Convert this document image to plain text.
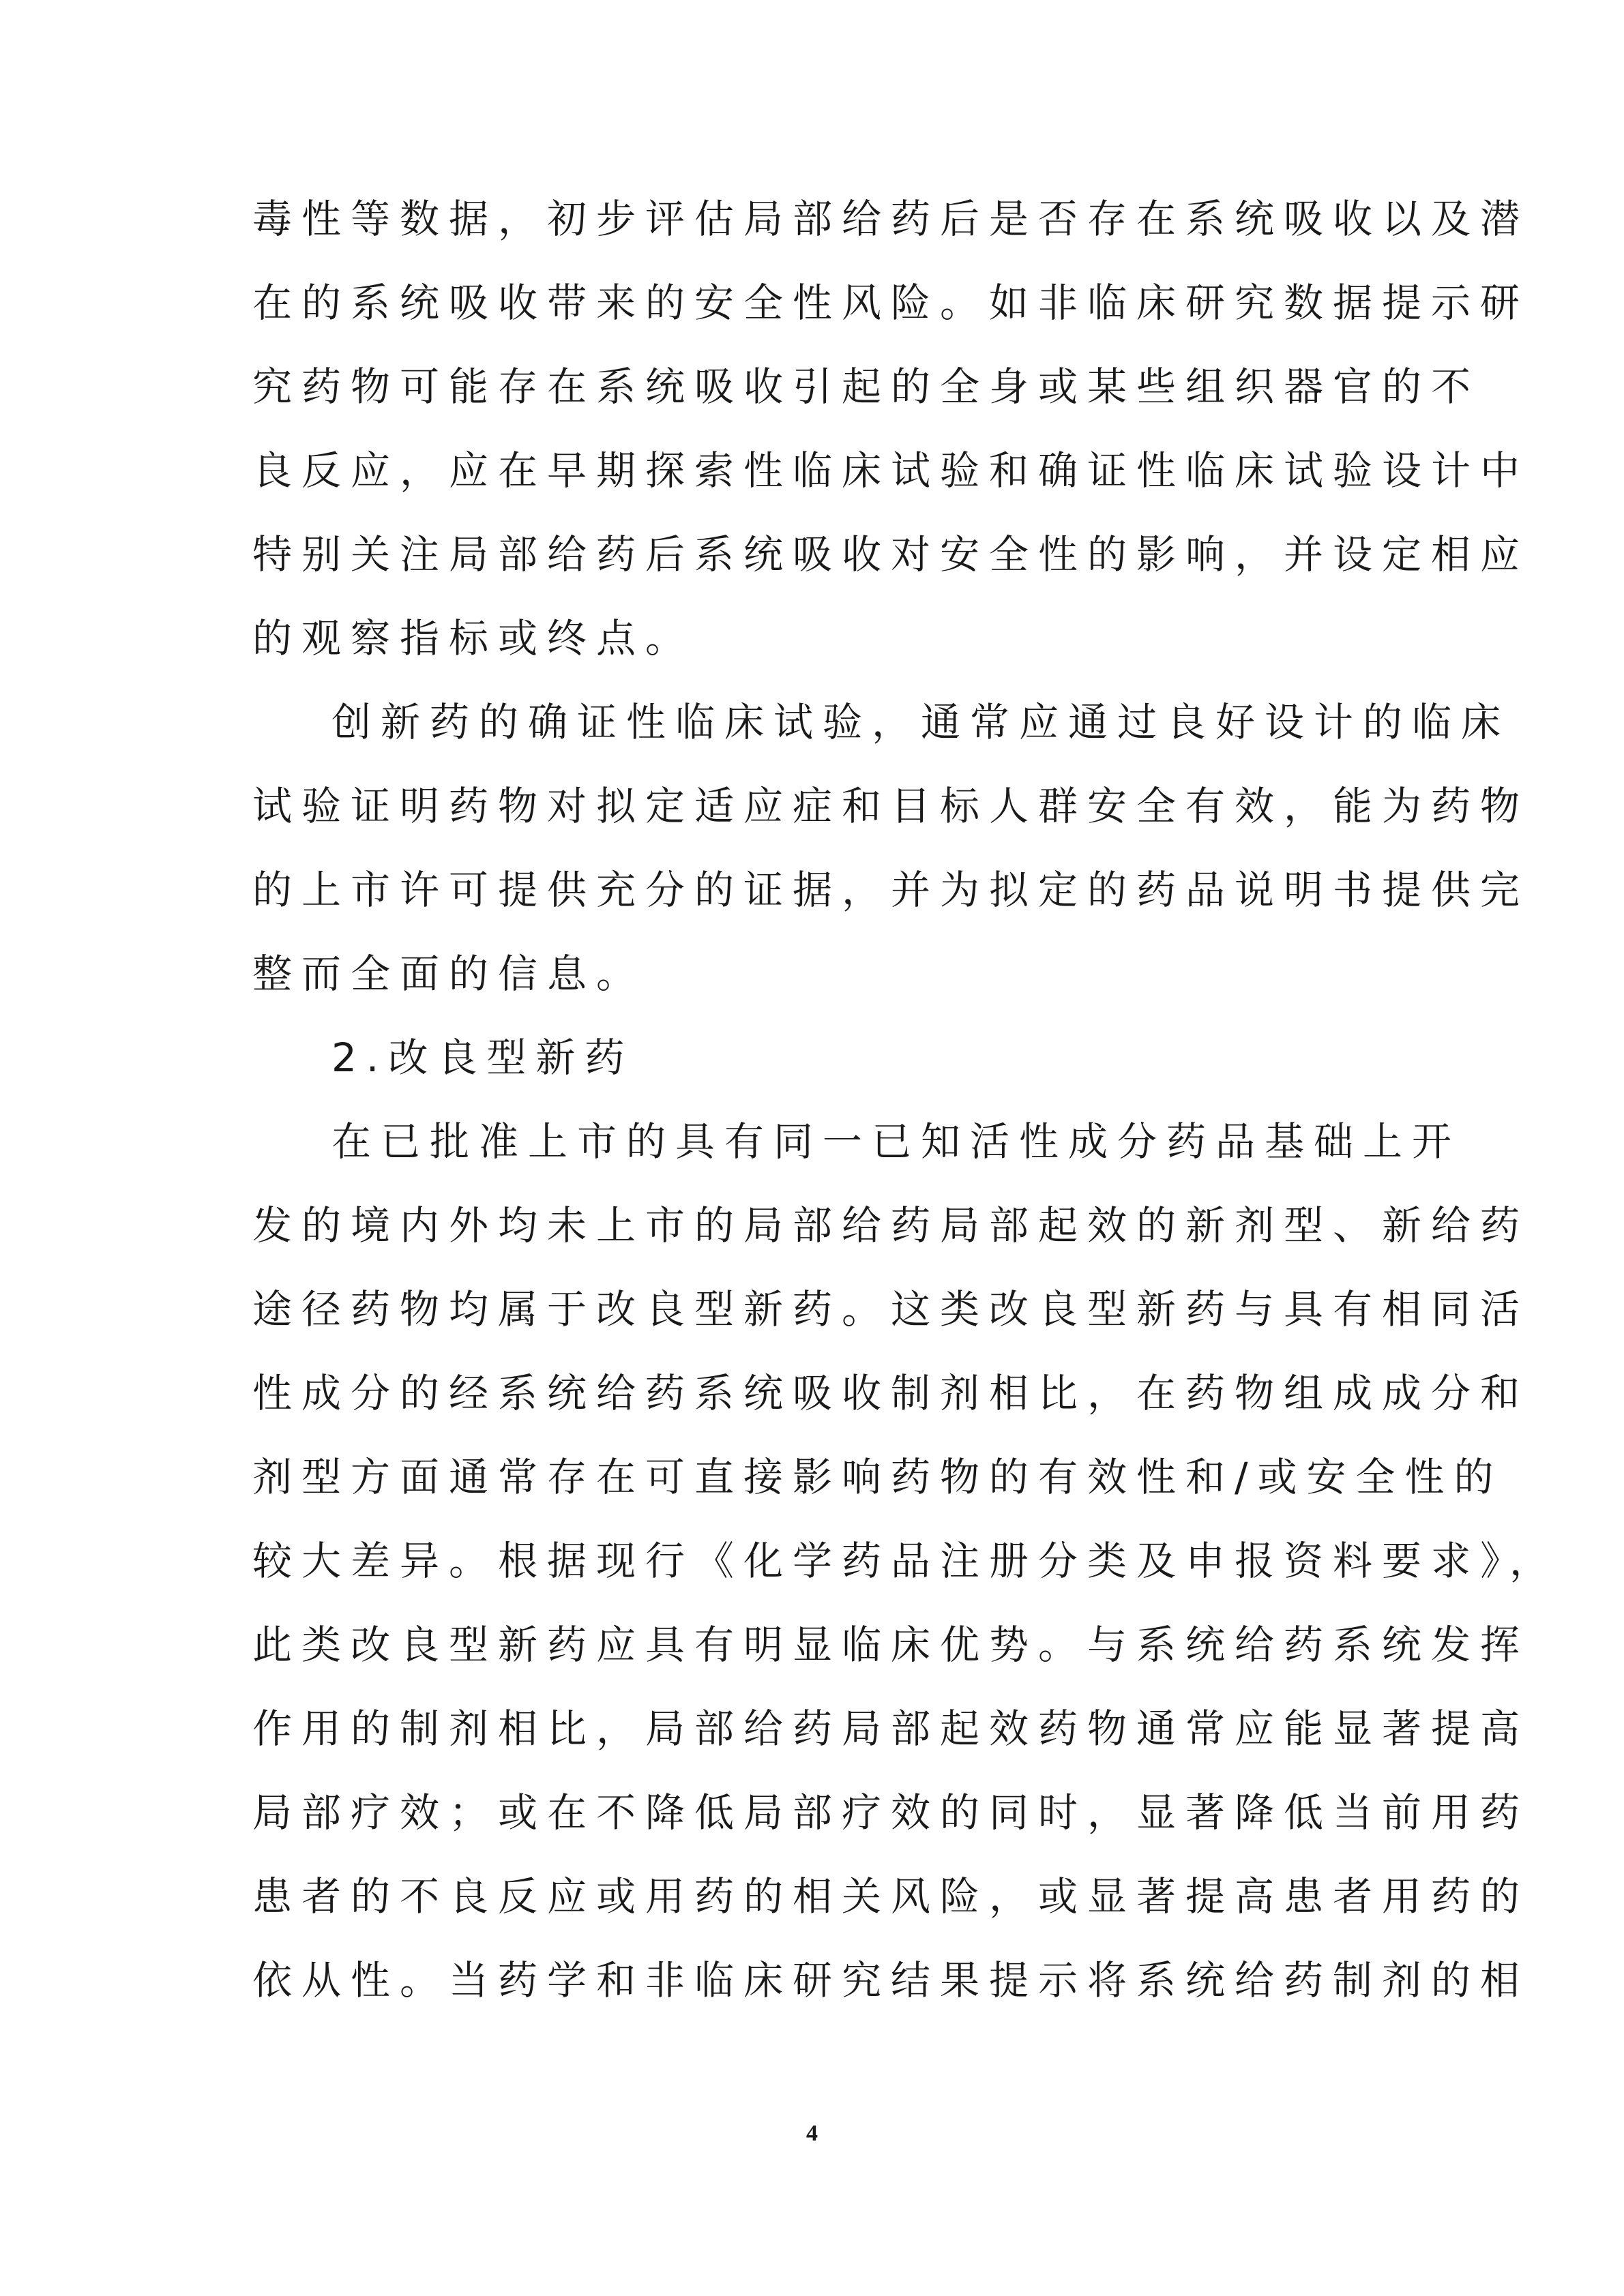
毒性等数据，初步评估局部给药后是否存在系统吸收以及潜
在的系统吸收带来的安全性风险。如非临床研究数据提示研
究药物可能存在系统吸收引起的全身或某些组织器官的不
良反应，应在早期探索性临床试验和确证性临床试验设计中
特别关注局部给药后系统吸收对安全性的影响，并设定相应
的观察指标或终点。

创新药的确证性临床试验，通常应通过良好设计的临床
试验证明药物对拟定适应症和目标人群安全有效，能为药物
的上市许可提供充分的证据，并为拟定的药品说明书提供完
整而全面的信息。

2.改良型新药

在已批准上市的具有同一已知活性成分药品基础上开
发的境内外均未上市的局部给药局部起效的新剂型、新给药
途径药物均属于改良型新药。这类改良型新药与具有相同活
性成分的经系统给药系统吸收制剂相比，在药物组成成分和
剂型方面通常存在可直接影响药物的有效性和/或安全性的
较大差异。根据现行《化学药品注册分类及申报资料要求》，
此类改良型新药应具有明显临床优势。与系统给药系统发挥
作用的制剂相比，局部给药局部起效药物通常应能显著提高
局部疗效；或在不降低局部疗效的同时，显著降低当前用药
患者的不良反应或用药的相关风险，或显著提高患者用药的
依从性。当药学和非临床研究结果提示将系统给药制剂的相

4
